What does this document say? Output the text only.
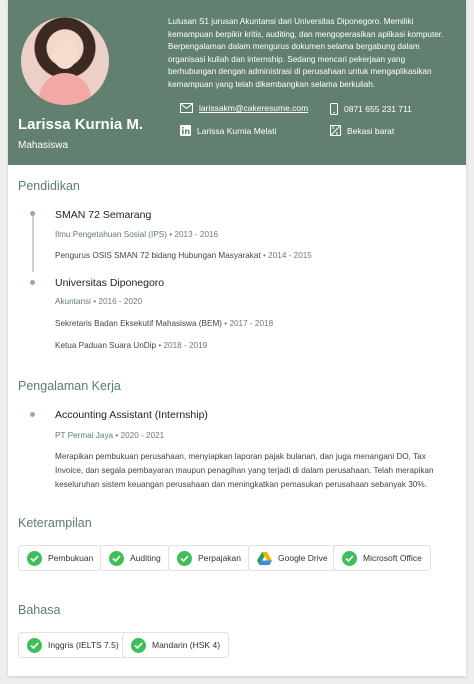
Larissa Kurnia M.
Mahasiswa
Lulusan S1 jurusan Akuntansi dari Universitas Diponegoro. Memiliki kemampuan berpikir kritis, auditing, dan mengoperasikan aplikasi komputer. Berpengalaman dalam mengurus dokumen selama bergabung dalam organisasi kuliah dan internship. Sedang mencari pekerjaan yang berhubungan dengan administrasi di perusahaan untuk mengaplikasikan kemampuan yang telah dikembangkan selama berkuliah.
larissakm@cakeresume.com	0871 655 231 711
Larissa Kurnia Melati	Bekasi barat
Pendidikan
SMAN 72 Semarang
Ilmu Pengetahuan Sosial (IPS) • 2013 - 2016
Pengurus OSIS SMAN 72 bidang Hubungan Masyarakat • 2014 - 2015
Universitas Diponegoro
Akuntansi • 2016 - 2020
Sekretaris Badan Eksekutif Mahasiswa (BEM) • 2017 - 2018
Ketua Paduan Suara UnDip • 2018 - 2019
Pengalaman Kerja
Accounting Assistant (Internship)
PT Permai Jaya • 2020 - 2021
Merapikan pembukuan perusahaan, menyiapkan laporan pajak bulanan, dan juga menangani DO, Tax Invoice, dan segala pembayaran maupun penagihan yang terjadi di dalam perusahaan. Telah merapikan keseluruhan sistem keuangan perusahaan dan meningkatkan pemasukan perusahaan sebanyak 30%.
Keterampilan
Pembukuan	Auditing	Perpajakan	Google Drive	Microsoft Office
Bahasa
Inggris (IELTS 7.5)	Mandarin (HSK 4)
